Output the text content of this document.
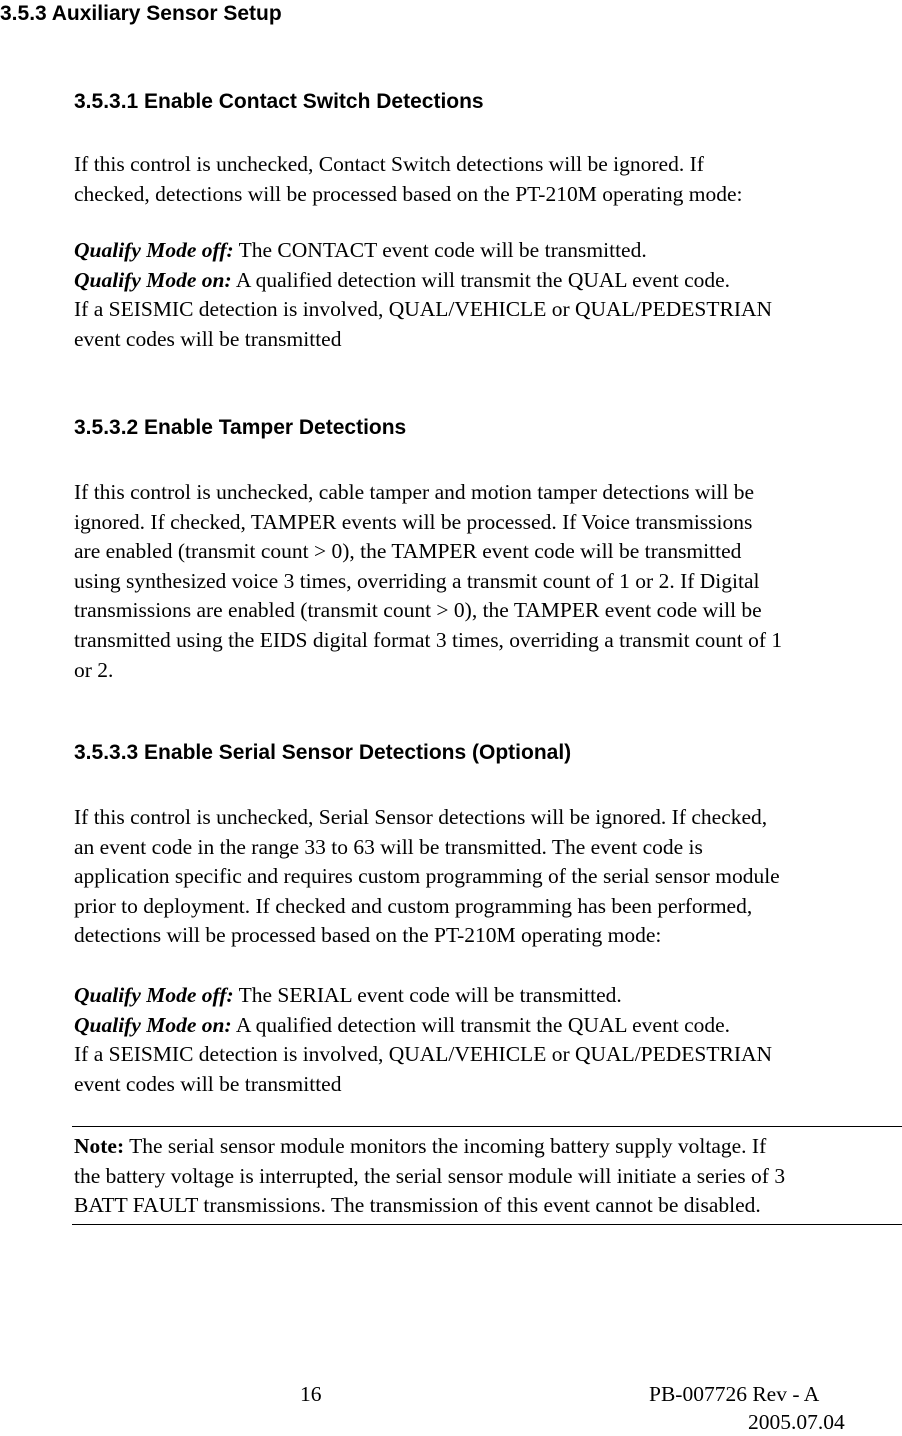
3.5.3 Auxiliary Sensor Setup
3.5.3.1 Enable Contact Switch Detections
If this control is unchecked, Contact Switch detections will be ignored. If
checked, detections will be processed based on the PT-210M operating mode:
Qualify Mode off: The CONTACT event code will be transmitted.
Qualify Mode on: A qualified detection will transmit the QUAL event code.
If a SEISMIC detection is involved, QUAL/VEHICLE or QUAL/PEDESTRIAN
event codes will be transmitted
3.5.3.2 Enable Tamper Detections
If this control is unchecked, cable tamper and motion tamper detections will be
ignored. If checked, TAMPER events will be processed. If Voice transmissions
are enabled (transmit count > 0), the TAMPER event code will be transmitted
using synthesized voice 3 times, overriding a transmit count of 1 or 2. If Digital
transmissions are enabled (transmit count > 0), the TAMPER event code will be
transmitted using the EIDS digital format 3 times, overriding a transmit count of 1
or 2.
3.5.3.3 Enable Serial Sensor Detections (Optional)
If this control is unchecked, Serial Sensor detections will be ignored. If checked,
an event code in the range 33 to 63 will be transmitted. The event code is
application specific and requires custom programming of the serial sensor module
prior to deployment. If checked and custom programming has been performed,
detections will be processed based on the PT-210M operating mode:
Qualify Mode off: The SERIAL event code will be transmitted.
Qualify Mode on: A qualified detection will transmit the QUAL event code.
If a SEISMIC detection is involved, QUAL/VEHICLE or QUAL/PEDESTRIAN
event codes will be transmitted
Note: The serial sensor module monitors the incoming battery supply voltage. If
the battery voltage is interrupted, the serial sensor module will initiate a series of 3
BATT FAULT transmissions. The transmission of this event cannot be disabled.
16	PB-007726 Rev - A
2005.07.04
